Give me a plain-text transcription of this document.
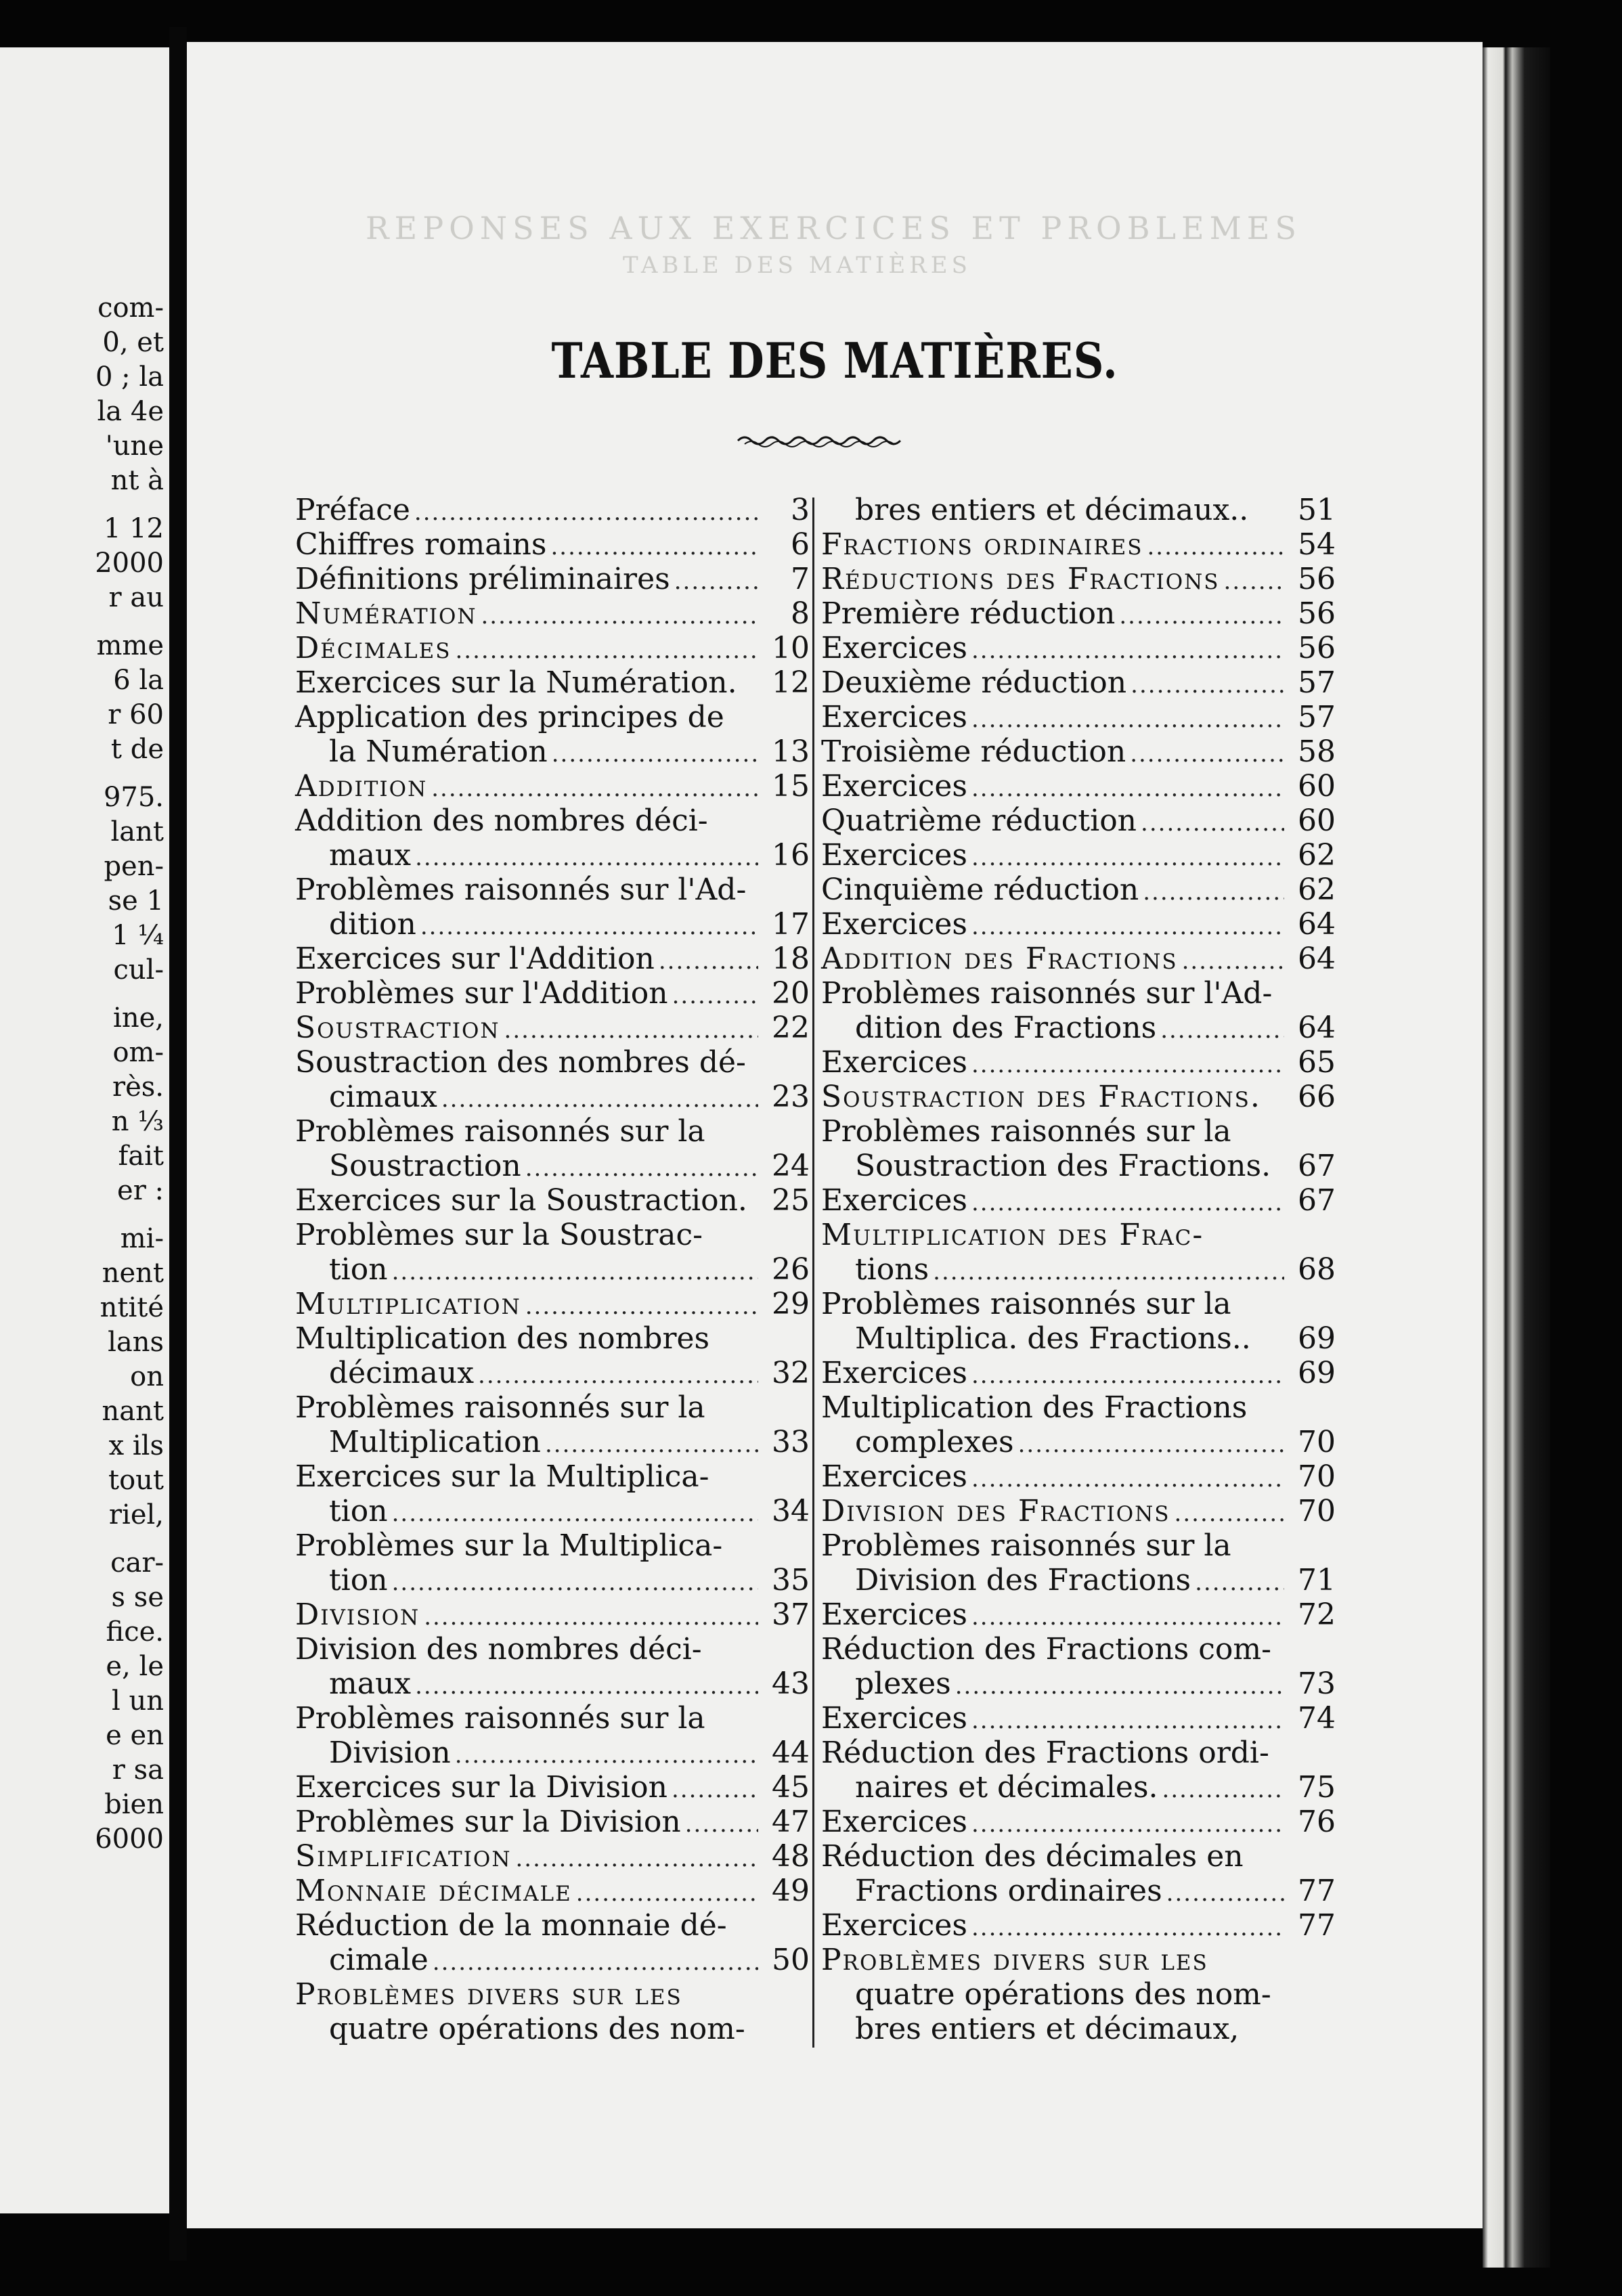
com-
0, et
0 ; la
la 4e
'une
nt à
1 12
2000
r au
mme
6 la
r 60
t de
975.
lant
pen-
se 1
1 ¼
cul-
ine,
om-
rès.
n ⅓
fait
er :
mi-
nent
ntité
lans
on
nant
x ils
tout
riel,
car-
s se
fice.
e, le
l un
e en
r sa
bien
6000
REPONSES AUX EXERCICES ET PROBLEMES
TABLE DES MATIÈRES
TABLE DES MATIÈRES.
Préface .....	3
Chiffres romains .....	6
Définitions préliminaires .....	7
Numération .....	8
Décimales .....	10
Exercices sur la Numération.	12
Application des principes de
la Numération .....	13
Addition .....	15
Addition des nombres déci-
maux .....	16
Problèmes raisonnés sur l'Ad-
dition .....	17
Exercices sur l'Addition .....	18
Problèmes sur l'Addition .....	20
Soustraction .....	22
Soustraction des nombres dé-
cimaux .....	23
Problèmes raisonnés sur la
Soustraction .....	24
Exercices sur la Soustraction. 25
Problèmes sur la Soustrac-
tion .....	26
Multiplication .....	29
Multiplication des nombres
décimaux .....	32
Problèmes raisonnés sur la
Multiplication .....	33
Exercices sur la Multiplica-
tion .....	34
Problèmes sur la Multiplica-
tion .....	35
Division .....	37
Division des nombres déci-
maux .....	43
Problèmes raisonnés sur la
Division .....	44
Exercices sur la Division .....	45
Problèmes sur la Division .....	47
Simplification .....	48
Monnaie décimale .....	49
Réduction de la monnaie dé-
cimale .....	50
Problèmes divers sur les
quatre opérations des nom-
bres entiers et décimaux..	51
Fractions ordinaires .....	54
Réductions des Fractions .....	56
Première réduction .....	56
Exercices .....	56
Deuxième réduction .....	57
Exercices .....	57
Troisième réduction .....	58
Exercices .....	60
Quatrième réduction .....	60
Exercices .....	62
Cinquième réduction .....	62
Exercices .....	64
Addition des Fractions .....	64
Problèmes raisonnés sur l'Ad-
dition des Fractions .....	64
Exercices .....	65
Soustraction des Fractions.	66
Problèmes raisonnés sur la
Soustraction des Fractions. 67
Exercices .....	67
Multiplication des Frac-
tions .....	68
Problèmes raisonnés sur la
Multiplica. des Fractions..	69
Exercices .....	69
Multiplication des Fractions
complexes .....	70
Exercices .....	70
Division des Fractions .....	70
Problèmes raisonnés sur la
Division des Fractions .....	71
Exercices .....	72
Réduction des Fractions com-
plexes .....	73
Exercices .....	74
Réduction des Fractions ordi-
naires et décimales. .....	75
Exercices .....	76
Réduction des décimales en
Fractions ordinaires .....	77
Exercices .....	77
Problèmes divers sur les
quatre opérations des nom-
bres entiers et décimaux,
